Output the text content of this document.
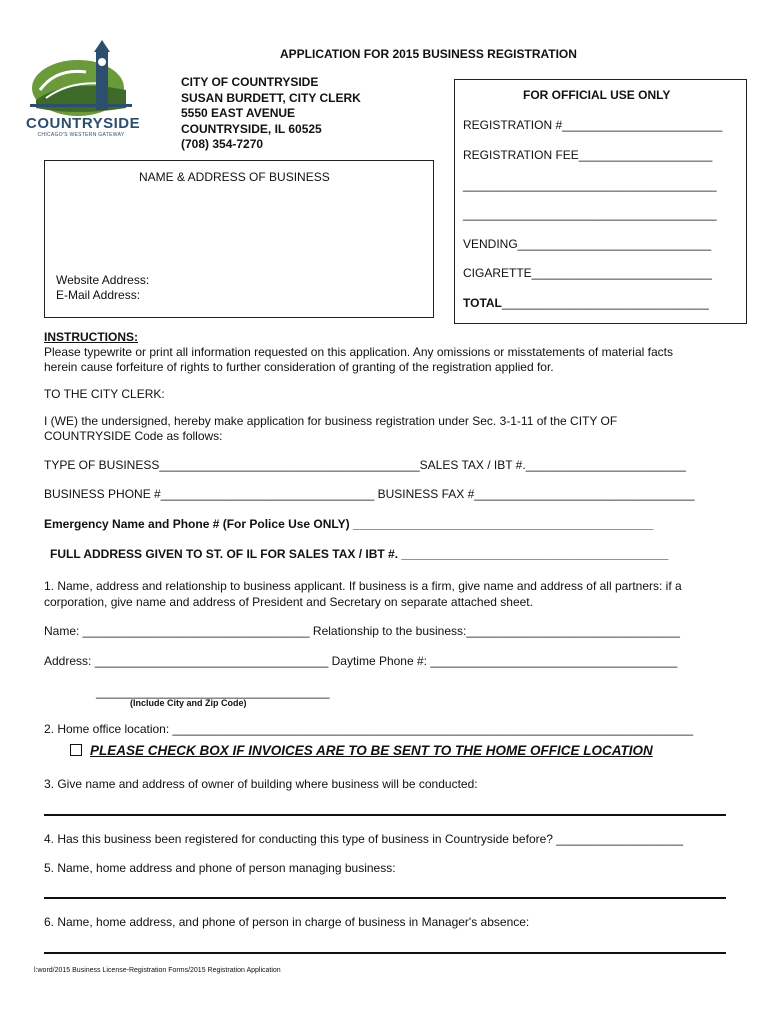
APPLICATION FOR 2015 BUSINESS REGISTRATION
COUNTRYSIDE
CHICAGO'S WESTERN GATEWAY
CITY OF COUNTRYSIDE
SUSAN BURDETT, CITY CLERK
5550 EAST AVENUE
COUNTRYSIDE, IL 60525
(708) 354-7270
NAME & ADDRESS OF BUSINESS
Website Address:
E-Mail Address:
FOR OFFICIAL USE ONLY
REGISTRATION #________________________
REGISTRATION FEE____________________
______________________________________
______________________________________
VENDING_____________________________
CIGARETTE___________________________
TOTAL_______________________________
INSTRUCTIONS:
Please typewrite or print all information requested on this application. Any omissions or misstatements of material facts
herein cause forfeiture of rights to further consideration of granting of the registration applied for.
TO THE CITY CLERK:
I (WE) the undersigned, hereby make application for business registration under Sec. 3-1-11 of the CITY OF
COUNTRYSIDE Code as follows:
TYPE OF BUSINESS_______________________________________SALES TAX / IBT #.________________________
BUSINESS PHONE #________________________________ BUSINESS FAX #_________________________________
Emergency Name and Phone # (For Police Use ONLY) _____________________________________________
FULL ADDRESS GIVEN TO ST. OF IL FOR SALES TAX / IBT #. ________________________________________
1. Name, address and relationship to business applicant. If business is a firm, give name and address of all partners: if a
corporation, give name and address of President and Secretary on separate attached sheet.
Name: __________________________________ Relationship to the business:________________________________
Address: ___________________________________ Daytime Phone #: _____________________________________
___________________________________
(Include City and Zip Code)
2. Home office location: ______________________________________________________________________________
PLEASE CHECK BOX IF INVOICES ARE TO BE SENT TO THE HOME OFFICE LOCATION
3. Give name and address of owner of building where business will be conducted:
4. Has this business been registered for conducting this type of business in Countryside before? ___________________
5. Name, home address and phone of person managing business:
6. Name, home address, and phone of person in charge of business in Manager's absence:
l:word/2015 Business License-Registration Forms/2015 Registration Application
